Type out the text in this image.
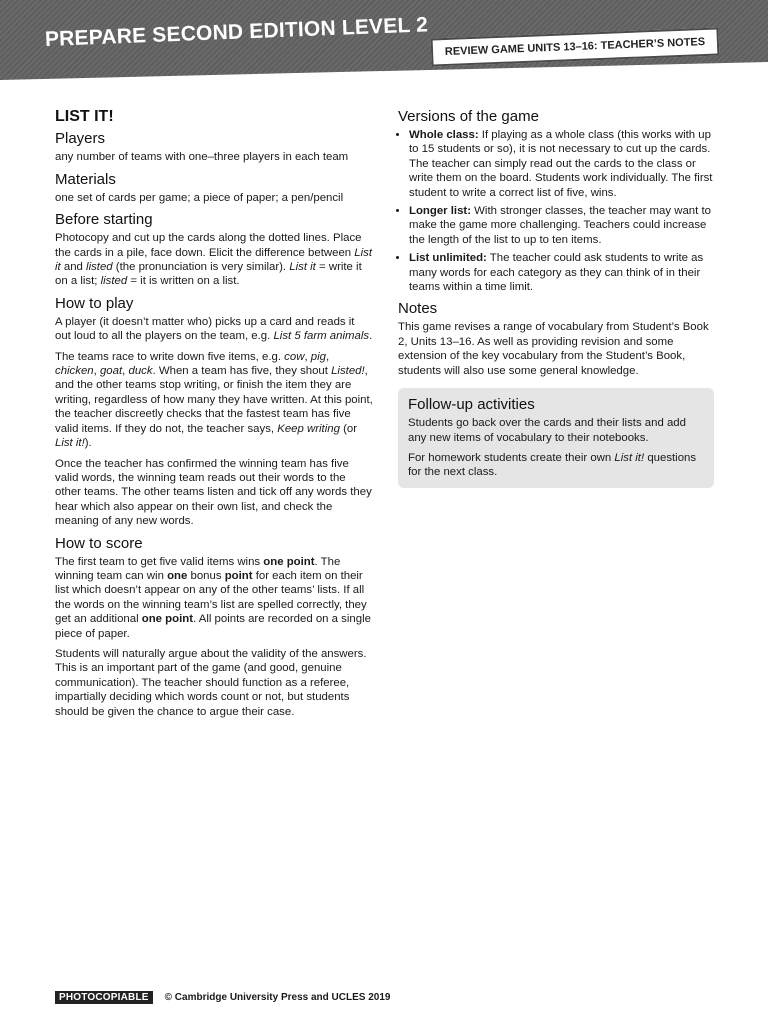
PREPARE SECOND EDITION LEVEL 2 REVIEW GAME UNITS 13–16: TEACHER’S NOTES
LIST IT!
Players

any number of teams with one–three players in each team

Materials

one set of cards per game; a piece of paper; a pen/pencil

Before starting

Photocopy and cut up the cards along the dotted lines. Place the cards in a pile, face down. Elicit the difference between List it and listed (the pronunciation is very similar). List it = write it on a list; listed = it is written on a list.

How to play

A player (it doesn’t matter who) picks up a card and reads it out loud to all the players on the team, e.g. List 5 farm animals.

The teams race to write down five items, e.g. cow, pig, chicken, goat, duck. When a team has five, they shout Listed!, and the other teams stop writing, or finish the item they are writing, regardless of how many they have written. At this point, the teacher discreetly checks that the fastest team has five valid items. If they do not, the teacher says, Keep writing (or List it!).

Once the teacher has confirmed the winning team has five valid words, the winning team reads out their words to the other teams. The other teams listen and tick off any words they hear which also appear on their own list, and check the meaning of any new words.

How to score

The first team to get five valid items wins one point. The winning team can win one bonus point for each item on their list which doesn’t appear on any of the other teams’ lists. If all the words on the winning team’s list are spelled correctly, they get an additional one point. All points are recorded on a single piece of paper.

Students will naturally argue about the validity of the answers. This is an important part of the game (and good, genuine communication). The teacher should function as a referee, impartially deciding which words count or not, but students should be given the chance to argue their case.

Versions of the game
• Whole class: If playing as a whole class (this works with up to 15 students or so), it is not necessary to cut up the cards. The teacher can simply read out the cards to the class or write them on the board. Students work individually. The first student to write a correct list of five, wins.
• Longer list: With stronger classes, the teacher may want to make the game more challenging. Teachers could increase the length of the list to up to ten items.
• List unlimited: The teacher could ask students to write as many words for each category as they can think of in their teams within a time limit.
Notes

This game revises a range of vocabulary from Student’s Book 2, Units 13–16. As well as providing revision and some extension of the key vocabulary from the Student’s Book, students will also use some general knowledge.

Follow-up activities

Students go back over the cards and their lists and add any new items of vocabulary to their notebooks.

For homework students create their own List it! questions for the next class.

PHOTOCOPIABLE	© Cambridge University Press and UCLES 2019
